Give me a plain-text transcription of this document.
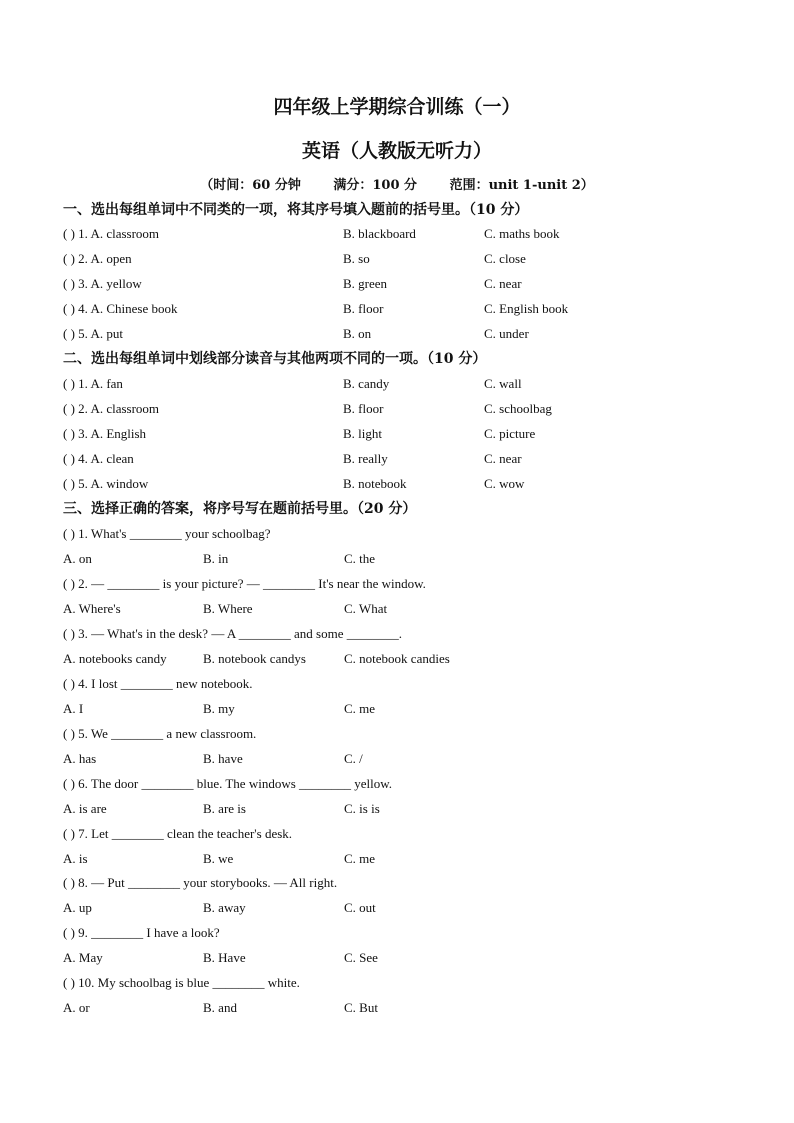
四年级上学期综合训练（一）
英语（人教版无听力）
（时间：60 分钟	满分：100 分	范围：unit 1-unit 2）
一、选出每组单词中不同类的一项，将其序号填入题前的括号里。（10 分）
( ) 1. A. classroom	B. blackboard	C. maths book
( ) 2. A. open	B. so	C. close
( ) 3. A. yellow	B. green	C. near
( ) 4. A. Chinese book	B. floor	C. English book
( ) 5. A. put	B. on	C. under
二、选出每组单词中划线部分读音与其他两项不同的一项。（10 分）
( ) 1. A. fan	B. candy	C. wall
( ) 2. A. classroom	B. floor	C. schoolbag
( ) 3. A. English	B. light	C. picture
( ) 4. A. clean	B. really	C. near
( ) 5. A. window	B. notebook	C. wow
三、选择正确的答案，将序号写在题前括号里。（20 分）
( ) 1. What's ________ your schoolbag?
A. on	B. in	C. the
( ) 2. — ________ is your picture? — ________ It's near the window.
A. Where's	B. Where	C. What
( ) 3. — What's in the desk? — A ________ and some ________.
A. notebooks candy	B. notebook candys	C. notebook candies
( ) 4. I lost ________ new notebook.
A. I	B. my	C. me
( ) 5. We ________ a new classroom.
A. has	B. have	C. /
( ) 6. The door ________ blue. The windows ________ yellow.
A. is are	B. are is	C. is is
( ) 7. Let ________ clean the teacher's desk.
A. is	B. we	C. me
( ) 8. — Put ________ your storybooks. — All right.
A. up	B. away	C. out
( ) 9. ________ I have a look?
A. May	B. Have	C. See
( ) 10. My schoolbag is blue ________ white.
A. or	B. and	C. But
